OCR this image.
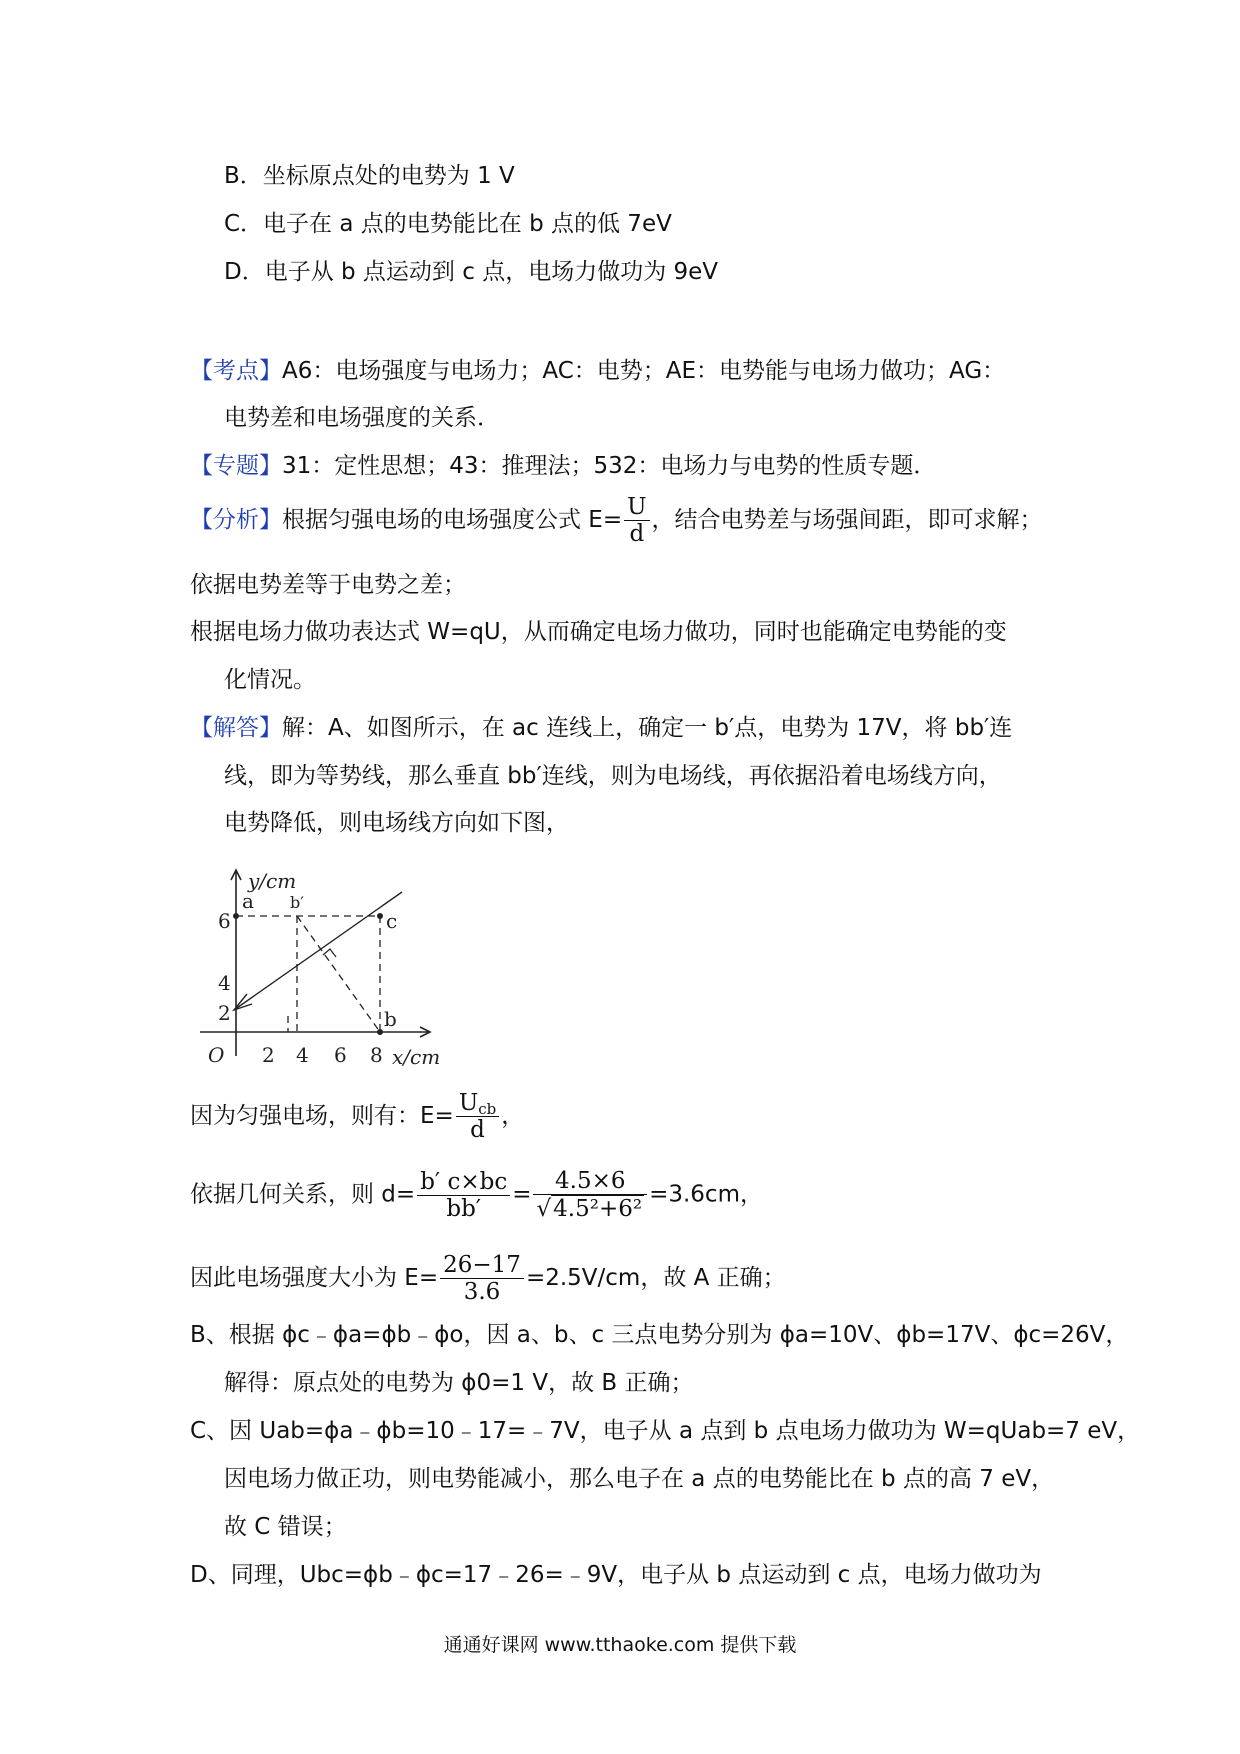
B．坐标原点处的电势为 1 V
C．电子在 a 点的电势能比在 b 点的低 7eV
D．电子从 b 点运动到 c 点，电场力做功为 9eV
【考点】A6：电场强度与电场力；AC：电势；AE：电势能与电场力做功；AG：
电势差和电场强度的关系．
【专题】31：定性思想；43：推理法；532：电场力与电势的性质专题．
【分析】根据匀强电场的电场强度公式 $E= \frac{U}{d}$ ，结合电势差与场强间距，即可求解；
依据电势差等于电势之差；
根据电场力做功表达式 W=qU，从而确定电场力做功，同时也能确定电势能的变
化情况。
【解答】解：A、如图所示，在 ac 连线上，确定一 b′点，电势为 17V，将 bb′连
线，即为等势线，那么垂直 bb′连线，则为电场线，再依据沿着电场线方向，
电势降低，则电场线方向如下图，
y/cm
x/cm
O
2
4
6
2 4 6 8
a
c
b
b′
因为匀强电场，则有：$E= \frac{U_{cb}}{d}$ ，
依据几何关系，则 $d= \frac{b' c\times bc}{bb'} = \frac{4.5\times 6}{\text{√4.5²+6²}} =3.6cm$，
因此电场强度大小为 $E= \frac{26-17}{3.6} =2.5V/cm$，故 A 正确；
B、根据 ϕc﹣ϕa=ϕb﹣ϕo，因 a、b、c 三点电势分别为 ϕa=10V、ϕb=17V、ϕc=26V，
解得：原点处的电势为 ϕ0=1 V，故 B 正确；
C、因 Uab=ϕa﹣ϕb=10﹣17=﹣7V，电子从 a 点到 b 点电场力做功为 W=qUab=7 eV，
因电场力做正功，则电势能减小，那么电子在 a 点的电势能比在 b 点的高 7 eV，
故 C 错误；
D、同理，Ubc=ϕb﹣ϕc=17﹣26=﹣9V，电子从 b 点运动到 c 点，电场力做功为
通通好课网 www.tthaoke.com 提供下载
